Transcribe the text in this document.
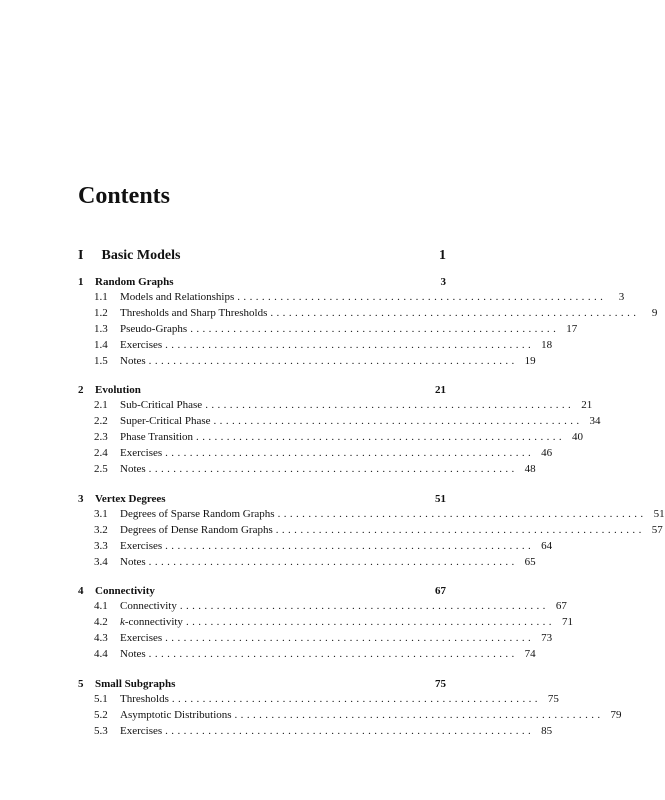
Contents
I Basic Models	1
1 Random Graphs	3
1.1	Models and Relationships ............................................................	3
1.2	Thresholds and Sharp Thresholds ............................................................	9
1.3	Pseudo-Graphs ............................................................ 17
1.4	Exercises ............................................................ 18
1.5	Notes ............................................................ 19
2 Evolution	21
2.1	Sub-Critical Phase ............................................................ 21
2.2	Super-Critical Phase ............................................................ 34
2.3	Phase Transition ............................................................ 40
2.4	Exercises ............................................................ 46
2.5	Notes ............................................................ 48
3 Vertex Degrees	51
3.1	Degrees of Sparse Random Graphs ............................................................ 51
3.2	Degrees of Dense Random Graphs ............................................................ 57
3.3	Exercises ............................................................ 64
3.4	Notes ............................................................ 65
4 Connectivity	67
4.1	Connectivity ............................................................ 67
4.2	k-connectivity ............................................................ 71
4.3	Exercises ............................................................ 73
4.4	Notes ............................................................ 74
5 Small Subgraphs	75
5.1	Thresholds ............................................................ 75
5.2	Asymptotic Distributions ............................................................ 79
5.3	Exercises ............................................................ 85
